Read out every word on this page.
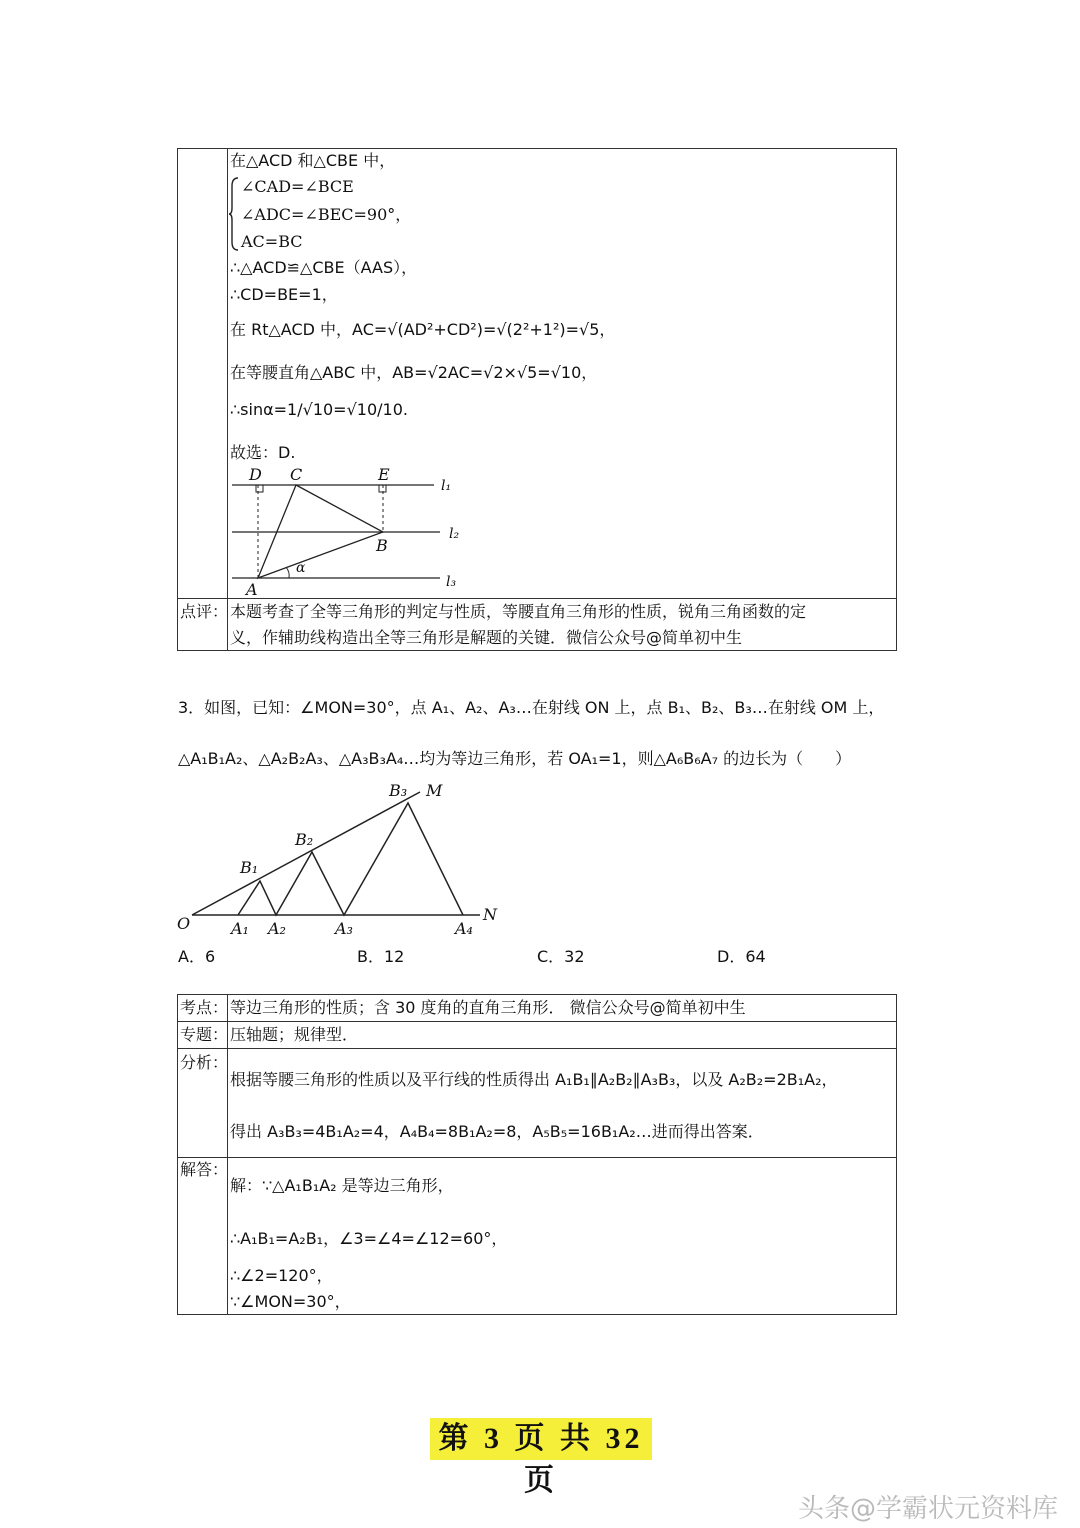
在△ACD 和△CBE 中，
∠CAD=∠BCE
∠ADC=∠BEC=90°，
AC=BC
∴△ACD≌△CBE（AAS），
∴CD=BE=1，
在 Rt△ACD 中，AC=√(AD²+CD²)=√(2²+1²)=√5，
在等腰直角△ABC 中，AB=√2AC=√2×√5=√10，
∴sinα=1/√10=√10/10.
故选：D.
D C	E
l₁
l₂
B
α
A	l₃
点评： 本题考查了全等三角形的判定与性质，等腰直角三角形的性质，锐角三角函数的定
义，作辅助线构造出全等三角形是解题的关键．微信公众号@简单初中生
3．如图，已知：∠MON=30°，点 A₁、A₂、A₃…在射线 ON 上，点 B₁、B₂、B₃…在射线 OM 上，
△A₁B₁A₂、△A₂B₂A₃、△A₃B₃A₄…均为等边三角形，若 OA₁=1，则△A₆B₆A₇ 的边长为（　　）
O	A₁ A₂	A₃	A₄
N
B₁
B₂
B₃ M
A．6	B．12	C．32	D．64
考点： 等边三角形的性质；含 30 度角的直角三角形． 微信公众号@简单初中生
专题： 压轴题；规律型．
分析：
根据等腰三角形的性质以及平行线的性质得出 A₁B₁∥A₂B₂∥A₃B₃，以及 A₂B₂=2B₁A₂，
得出 A₃B₃=4B₁A₂=4，A₄B₄=8B₁A₂=8，A₅B₅=16B₁A₂…进而得出答案．
解答：
解：∵△A₁B₁A₂ 是等边三角形，
∴A₁B₁=A₂B₁，∠3=∠4=∠12=60°，
∴∠2=120°，
∵∠MON=30°，
第 3 页 共 32 页
头条@学霸状元资料库
